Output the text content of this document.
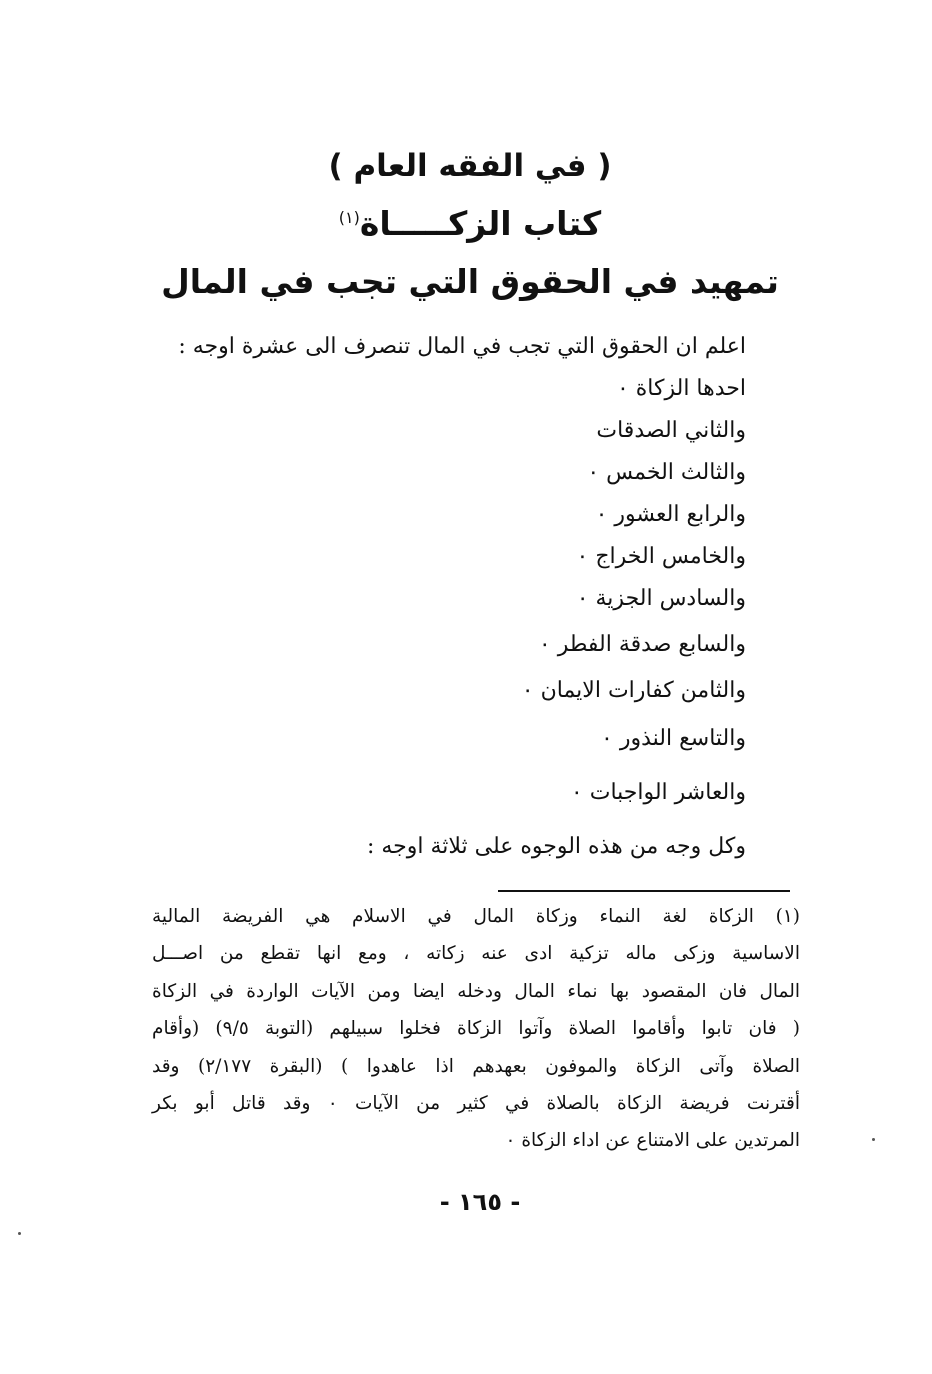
( في الفقه العام )
كتاب الزكـــــاة$^{(١)}$
تمهيد في الحقوق التي تجب في المال
اعلم ان الحقوق التي تجب في المال تنصرف الى عشرة اوجه :
احدها الزكاة ٠
والثاني الصدقات
والثالث الخمس ٠
والرابع العشور ٠
والخامس الخراج ٠
والسادس الجزية ٠
والسابع صدقة الفطر ٠
والثامن كفارات الايمان ٠
والتاسع النذور ٠
والعاشر الواجبات ٠
وكل وجه من هذه الوجوه على ثلاثة اوجه :
(١) الزكاة لغة النماء وزكاة المال في الاسلام هي الفريضة المالية
الاساسية وزكى ماله تزكية ادى عنه زكاته ، ومع انها تقطع من اصـــل
المال فان المقصود بها نماء المال ودخله ايضا ومن الآيات الواردة في الزكاة
( فان تابوا وأقاموا الصلاة وآتوا الزكاة فخلوا سبيلهم (التوبة ٩/٥) (وأقام
الصلاة وآتى الزكاة والموفون بعهدهم اذا عاهدوا ) (البقرة ٢/١٧٧) وقد
أقترنت فريضة الزكاة بالصلاة في كثير من الآيات ٠ وقد قاتل أبو بكر
المرتدين على الامتناع عن اداء الزكاة ٠
- ١٦٥ -
